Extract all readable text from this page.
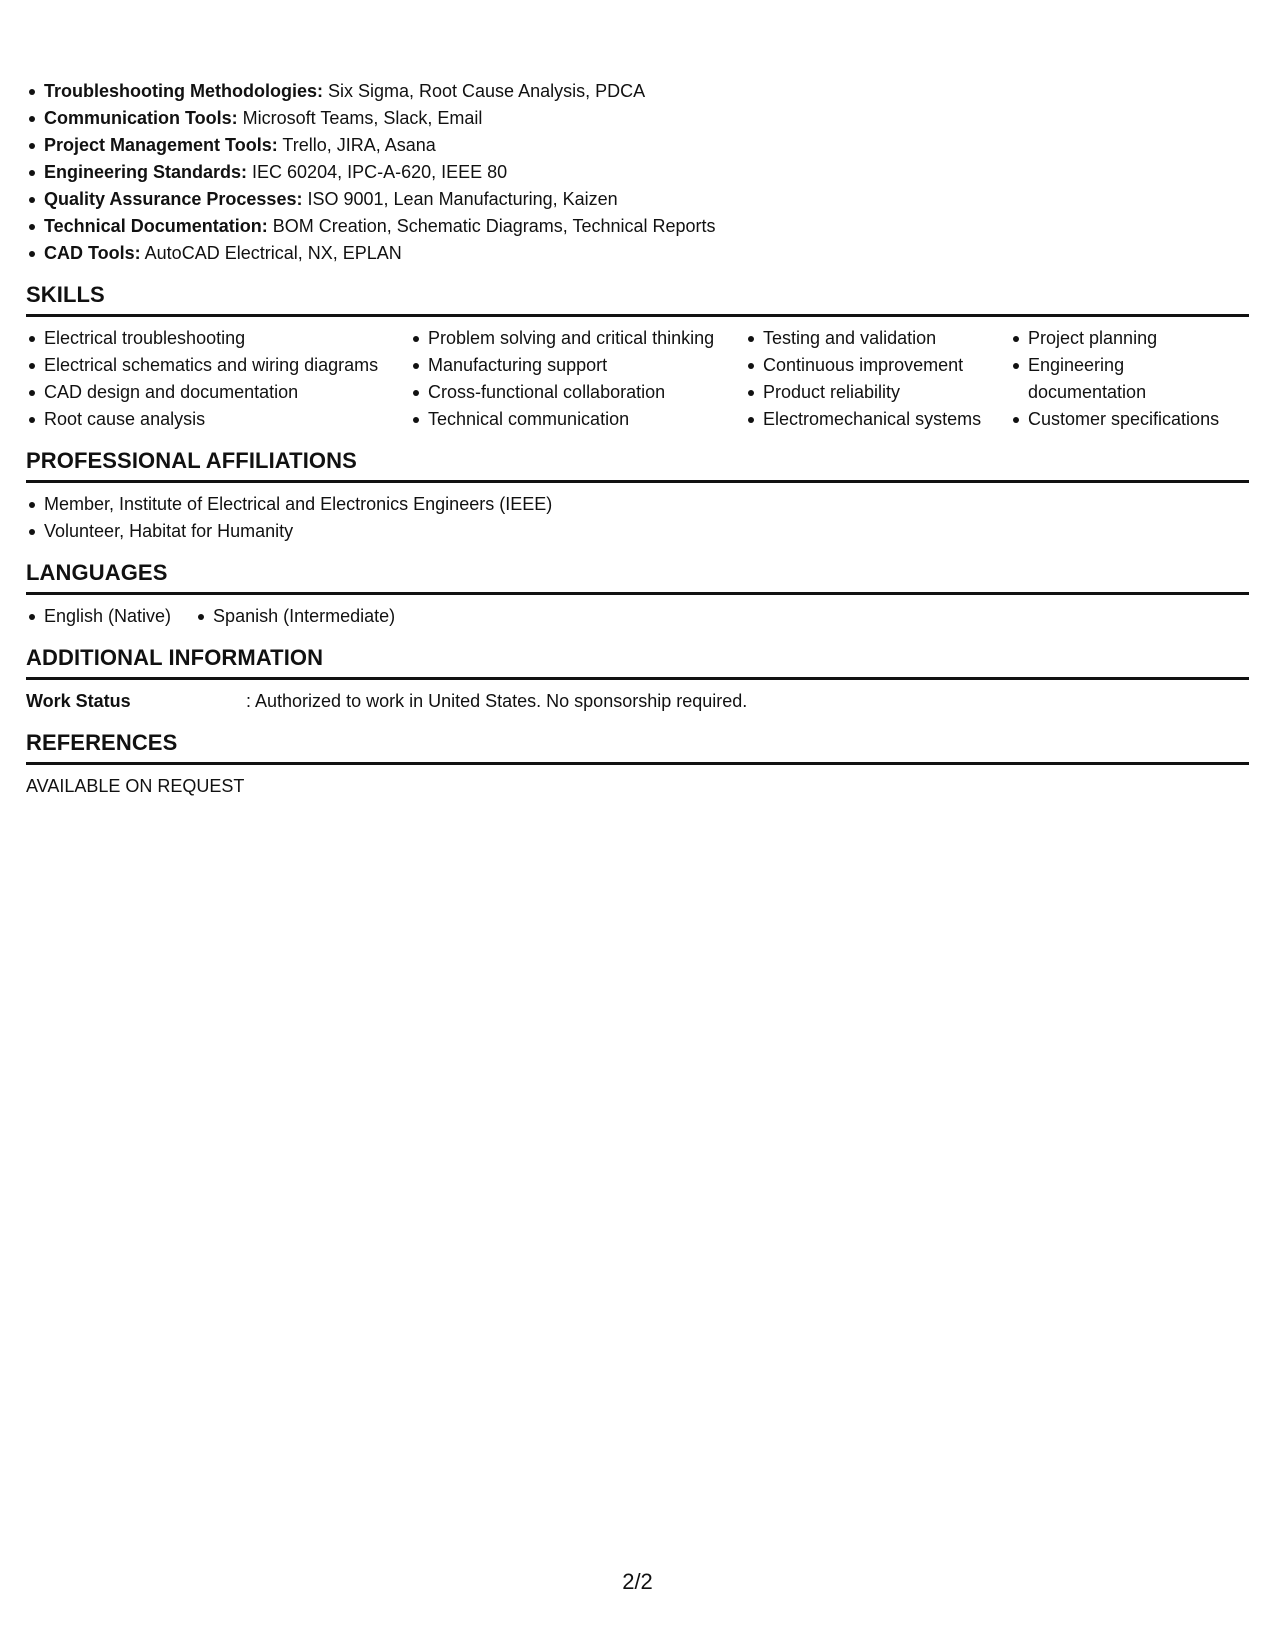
Troubleshooting Methodologies: Six Sigma, Root Cause Analysis, PDCA
Communication Tools: Microsoft Teams, Slack, Email
Project Management Tools: Trello, JIRA, Asana
Engineering Standards: IEC 60204, IPC-A-620, IEEE 80
Quality Assurance Processes: ISO 9001, Lean Manufacturing, Kaizen
Technical Documentation: BOM Creation, Schematic Diagrams, Technical Reports
CAD Tools: AutoCAD Electrical, NX, EPLAN
SKILLS
Electrical troubleshooting
Electrical schematics and wiring diagrams
CAD design and documentation
Root cause analysis
Problem solving and critical thinking
Manufacturing support
Cross-functional collaboration
Technical communication
Testing and validation
Continuous improvement
Product reliability
Electromechanical systems
Project planning
Engineering documentation
Customer specifications
PROFESSIONAL AFFILIATIONS
Member, Institute of Electrical and Electronics Engineers (IEEE)
Volunteer, Habitat for Humanity
LANGUAGES
English (Native)	Spanish (Intermediate)
ADDITIONAL INFORMATION
Work Status	: Authorized to work in United States. No sponsorship required.
REFERENCES
AVAILABLE ON REQUEST
2/2
